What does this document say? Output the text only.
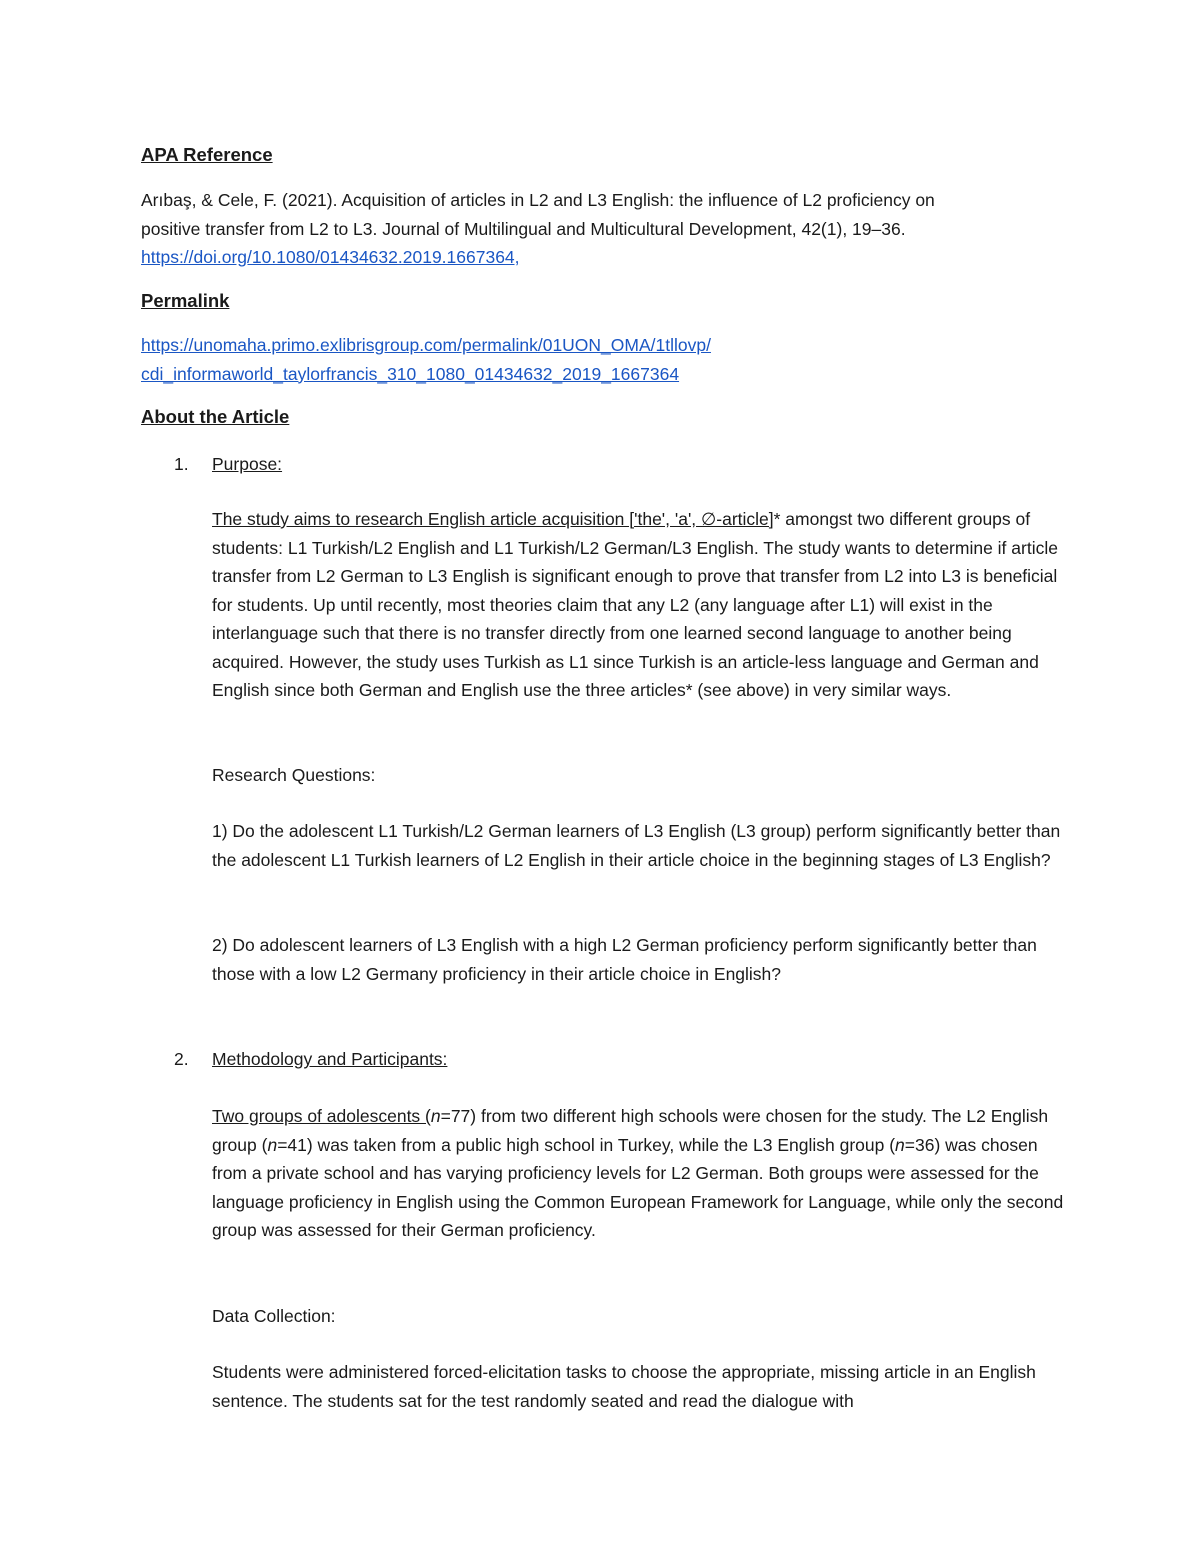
APA Reference

Arıbaş, & Cele, F. (2021). Acquisition of articles in L2 and L3 English: the influence of L2 proficiency on

positive transfer from L2 to L3. Journal of Multilingual and Multicultural Development, 42(1), 19–36.

https://doi.org/10.1080/01434632.2019.1667364,

Permalink

https://unomaha.primo.exlibrisgroup.com/permalink/01UON_OMA/1tllovp/

cdi_informaworld_taylorfrancis_310_1080_01434632_2019_1667364

About the Article
1. Purpose:

The study aims to research English article acquisition ['the', 'a', ∅-article]* amongst two different groups of students: L1 Turkish/L2 English and L1 Turkish/L2 German/L3 English. The study wants to determine if article transfer from L2 German to L3 English is significant enough to prove that transfer from L2 into L3 is beneficial for students. Up until recently, most theories claim that any L2 (any language after L1) will exist in the interlanguage such that there is no transfer directly from one learned second language to another being acquired. However, the study uses Turkish as L1 since Turkish is an article-less language and German and English since both German and English use the three articles* (see above) in very similar ways.

Research Questions:
1) Do the adolescent L1 Turkish/L2 German learners of L3 English (L3 group) perform significantly better than the adolescent L1 Turkish learners of L2 English in their article choice in the beginning stages of L3 English?
2) Do adolescent learners of L3 English with a high L2 German proficiency perform significantly better than those with a low L2 Germany proficiency in their article choice in English?
2. Methodology and Participants:

Two groups of adolescents (n=77) from two different high schools were chosen for the study. The L2 English group (n=41) was taken from a public high school in Turkey, while the L3 English group (n=36) was chosen from a private school and has varying proficiency levels for L2 German. Both groups were assessed for the language proficiency in English using the Common European Framework for Language, while only the second group was assessed for their German proficiency.

Data Collection:
Students were administered forced-elicitation tasks to choose the appropriate, missing article in an English sentence. The students sat for the test randomly seated and read the dialogue with
